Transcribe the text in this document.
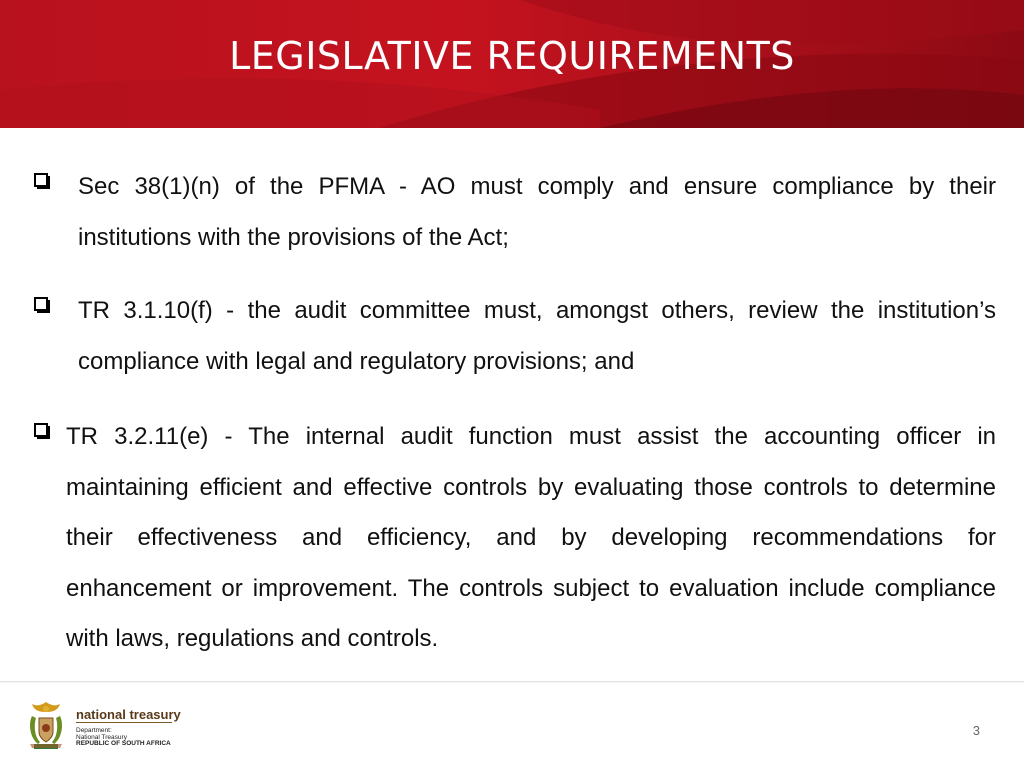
LEGISLATIVE REQUIREMENTS

Sec 38(1)(n) of the PFMA - AO must comply and ensure compliance by their institutions with the provisions of the Act;

TR 3.1.10(f) - the audit committee must, amongst others, review the institution’s compliance with legal and regulatory provisions; and

TR 3.2.11(e) - The internal audit function must assist the accounting officer in maintaining efficient and effective controls by evaluating those controls to determine their effectiveness and efficiency, and by developing recommendations for enhancement or improvement. The controls subject to evaluation include compliance with laws, regulations and controls.

national treasury
Department:
National Treasury
REPUBLIC OF SOUTH AFRICA
3
